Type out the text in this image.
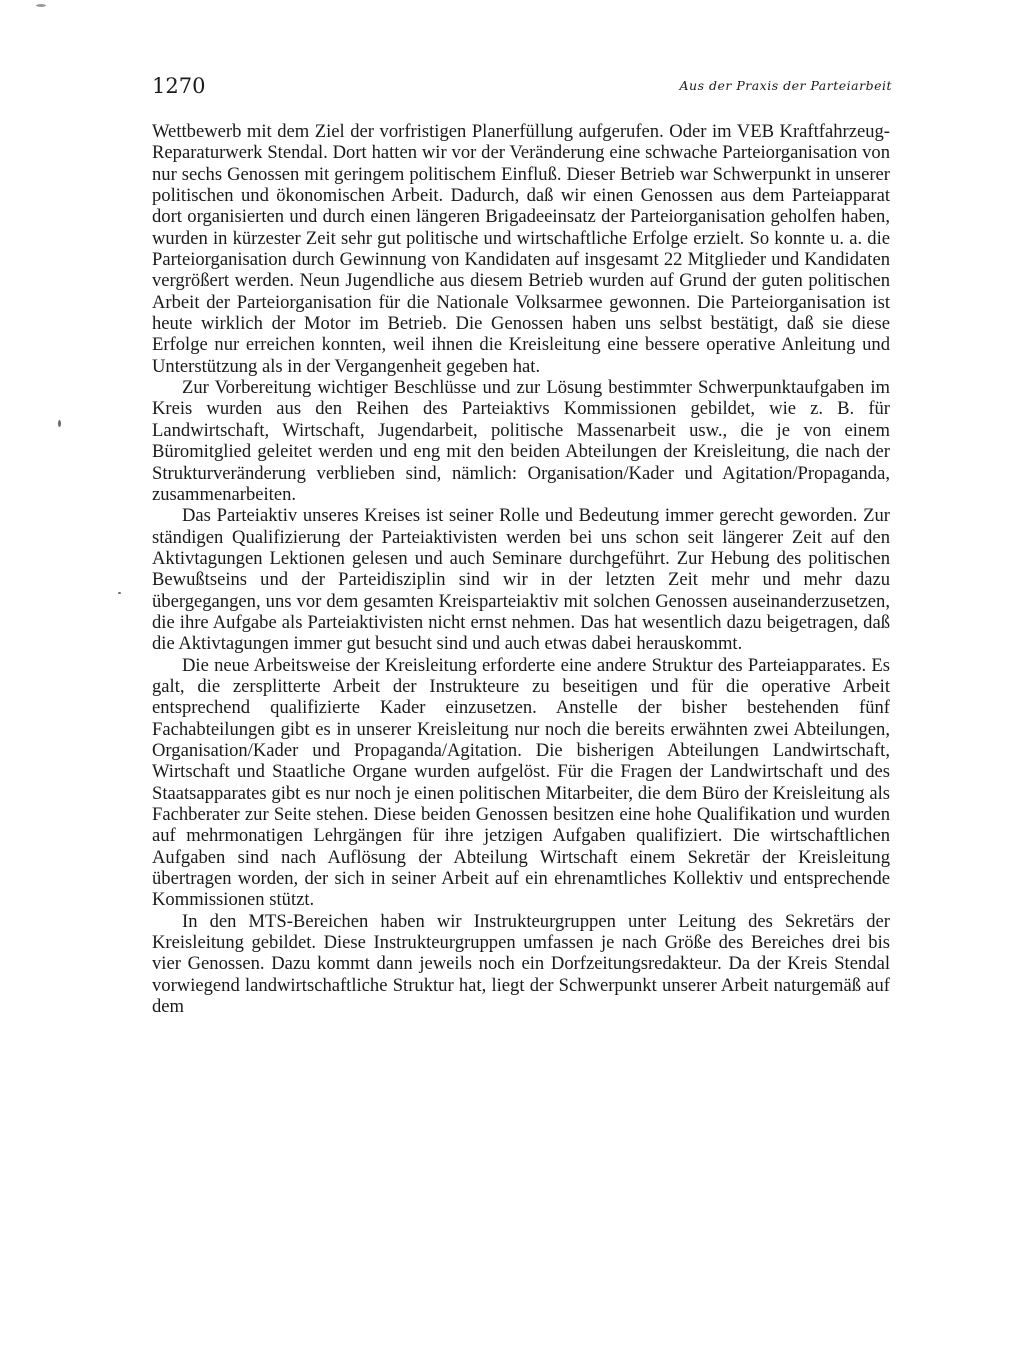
1270	Aus der Praxis der Parteiarbeit

Wettbewerb mit dem Ziel der vorfristigen Planerfüllung aufgerufen. Oder im VEB Kraftfahrzeug-Reparaturwerk Stendal. Dort hatten wir vor der Veränderung eine schwache Parteiorganisation von nur sechs Genossen mit geringem politischem Einfluß. Dieser Betrieb war Schwerpunkt in unserer politischen und ökonomischen Arbeit. Dadurch, daß wir einen Genossen aus dem Parteiapparat dort organisierten und durch einen längeren Brigadeeinsatz der Parteiorganisation geholfen haben, wurden in kürzester Zeit sehr gut politische und wirtschaftliche Erfolge erzielt. So konnte u. a. die Parteiorganisation durch Gewinnung von Kandidaten auf insgesamt 22 Mitglieder und Kandidaten vergrößert werden. Neun Jugendliche aus diesem Betrieb wurden auf Grund der guten politischen Arbeit der Parteiorganisation für die Nationale Volksarmee gewonnen. Die Parteiorganisation ist heute wirklich der Motor im Betrieb. Die Genossen haben uns selbst bestätigt, daß sie diese Erfolge nur erreichen konnten, weil ihnen die Kreisleitung eine bessere operative Anleitung und Unterstützung als in der Vergangenheit gegeben hat.

Zur Vorbereitung wichtiger Beschlüsse und zur Lösung bestimmter Schwerpunktaufgaben im Kreis wurden aus den Reihen des Parteiaktivs Kommissionen gebildet, wie z. B. für Landwirtschaft, Wirtschaft, Jugendarbeit, politische Massenarbeit usw., die je von einem Büromitglied geleitet werden und eng mit den beiden Abteilungen der Kreisleitung, die nach der Strukturveränderung verblieben sind, nämlich: Organisation/Kader und Agitation/Propaganda, zusammenarbeiten.

Das Parteiaktiv unseres Kreises ist seiner Rolle und Bedeutung immer gerecht geworden. Zur ständigen Qualifizierung der Parteiaktivisten werden bei uns schon seit längerer Zeit auf den Aktivtagungen Lektionen gelesen und auch Seminare durchgeführt. Zur Hebung des politischen Bewußtseins und der Parteidisziplin sind wir in der letzten Zeit mehr und mehr dazu übergegangen, uns vor dem gesamten Kreisparteiaktiv mit solchen Genossen auseinanderzusetzen, die ihre Aufgabe als Parteiaktivisten nicht ernst nehmen. Das hat wesentlich dazu beigetragen, daß die Aktivtagungen immer gut besucht sind und auch etwas dabei herauskommt.

Die neue Arbeitsweise der Kreisleitung erforderte eine andere Struktur des Parteiapparates. Es galt, die zersplitterte Arbeit der Instrukteure zu beseitigen und für die operative Arbeit entsprechend qualifizierte Kader einzusetzen. Anstelle der bisher bestehenden fünf Fachabteilungen gibt es in unserer Kreisleitung nur noch die bereits erwähnten zwei Abteilungen, Organisation/Kader und Propaganda/Agitation. Die bisherigen Abteilungen Landwirtschaft, Wirtschaft und Staatliche Organe wurden aufgelöst. Für die Fragen der Landwirtschaft und des Staatsapparates gibt es nur noch je einen politischen Mitarbeiter, die dem Büro der Kreisleitung als Fachberater zur Seite stehen. Diese beiden Genossen besitzen eine hohe Qualifikation und wurden auf mehrmonatigen Lehrgängen für ihre jetzigen Aufgaben qualifiziert. Die wirtschaftlichen Aufgaben sind nach Auflösung der Abteilung Wirtschaft einem Sekretär der Kreisleitung übertragen worden, der sich in seiner Arbeit auf ein ehrenamtliches Kollektiv und entsprechende Kommissionen stützt.

In den MTS-Bereichen haben wir Instrukteurgruppen unter Leitung des Sekretärs der Kreisleitung gebildet. Diese Instrukteurgruppen umfassen je nach Größe des Bereiches drei bis vier Genossen. Dazu kommt dann jeweils noch ein Dorfzeitungsredakteur. Da der Kreis Stendal vorwiegend landwirtschaftliche Struktur hat, liegt der Schwerpunkt unserer Arbeit naturgemäß auf dem
